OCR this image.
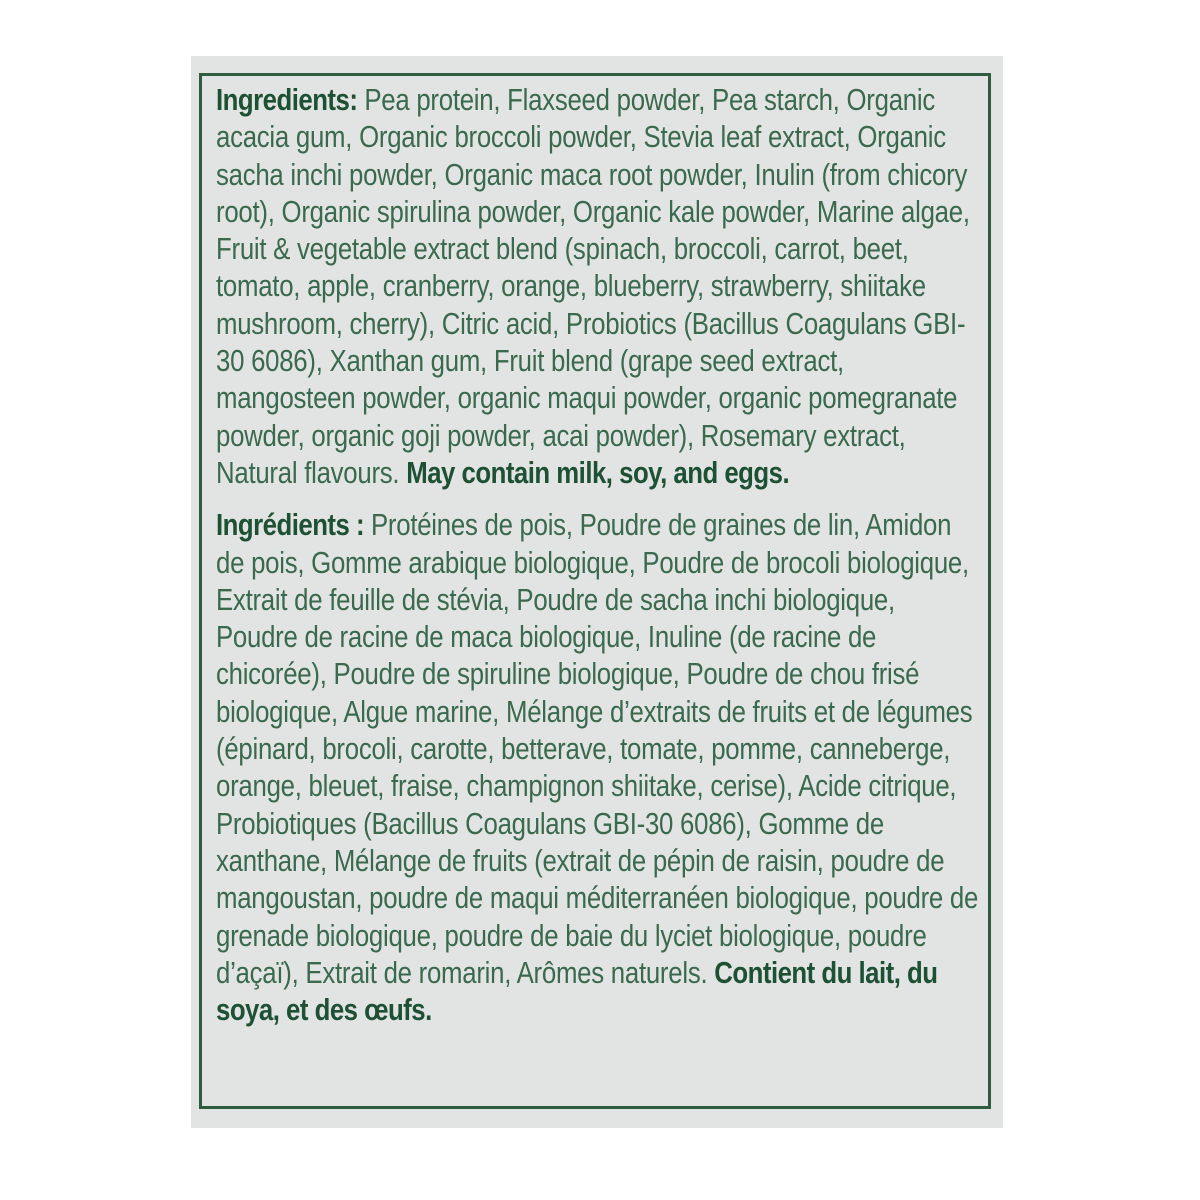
Ingredients: Pea protein, Flaxseed powder, Pea starch, Organic acacia gum, Organic broccoli powder, Stevia leaf extract, Organic sacha inchi powder, Organic maca root powder, Inulin (from chicory root), Organic spirulina powder, Organic kale powder, Marine algae, Fruit & vegetable extract blend (spinach, broccoli, carrot, beet, tomato, apple, cranberry, orange, blueberry, strawberry, shiitake mushroom, cherry), Citric acid, Probiotics (Bacillus Coagulans GBI-30 6086), Xanthan gum, Fruit blend (grape seed extract, mangosteen powder, organic maqui powder, organic pomegranate powder, organic goji powder, acai powder), Rosemary extract, Natural flavours. May contain milk, soy, and eggs.

Ingrédients : Protéines de pois, Poudre de graines de lin, Amidon de pois, Gomme arabique biologique, Poudre de brocoli biologique, Extrait de feuille de stévia, Poudre de sacha inchi biologique, Poudre de racine de maca biologique, Inuline (de racine de chicorée), Poudre de spiruline biologique, Poudre de chou frisé biologique, Algue marine, Mélange d’extraits de fruits et de légumes (épinard, brocoli, carotte, betterave, tomate, pomme, canneberge, orange, bleuet, fraise, champignon shiitake, cerise), Acide citrique, Probiotiques (Bacillus Coagulans GBI-30 6086), Gomme de xanthane, Mélange de fruits (extrait de pépin de raisin, poudre de mangoustan, poudre de maqui méditerranéen biologique, poudre de grenade biologique, poudre de baie du lyciet biologique, poudre d’açaï), Extrait de romarin, Arômes naturels. Contient du lait, du soya, et des œufs.
